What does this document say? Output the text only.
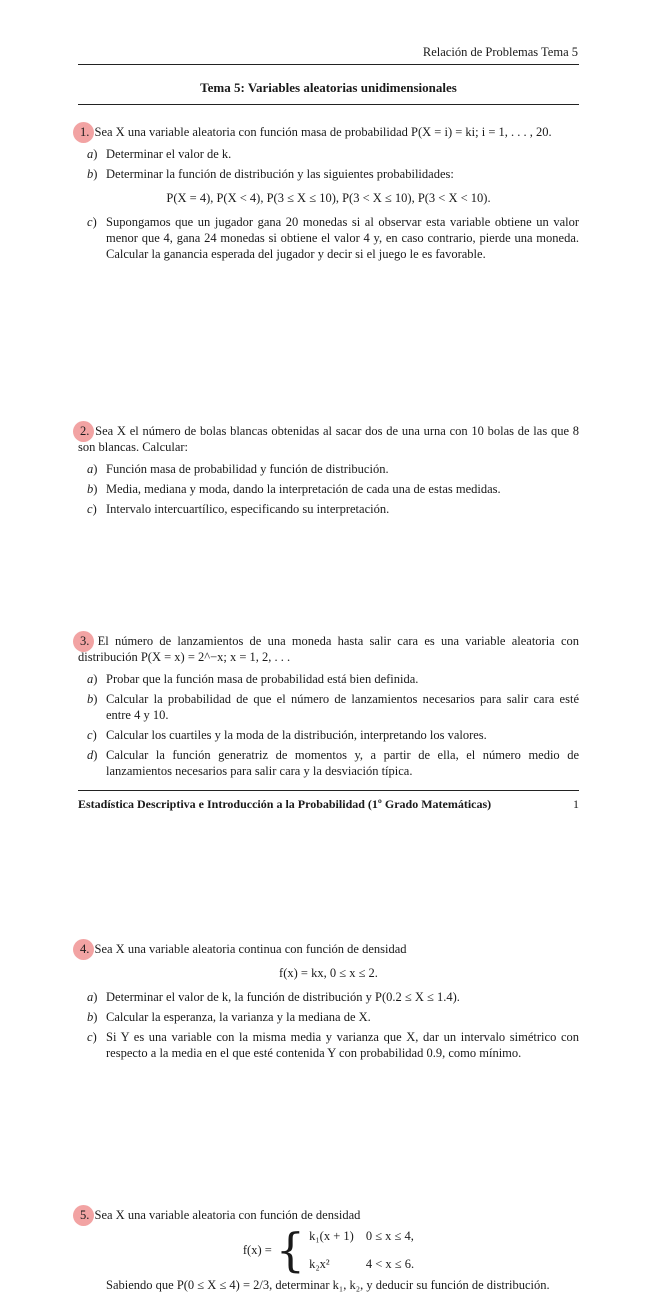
Relación de Problemas Tema 5
Tema 5: Variables aleatorias unidimensionales

1. Sea X una variable aleatoria con función masa de probabilidad P(X = i) = ki; i = 1, . . . , 20.

a) Determinar el valor de k.
b) Determinar la función de distribución y las siguientes probabilidades:
P(X = 4), P(X < 4), P(3 ≤ X ≤ 10), P(3 < X ≤ 10), P(3 < X < 10).
c) Supongamos que un jugador gana 20 monedas si al observar esta variable obtiene un valor menor que 4, gana 24 monedas si obtiene el valor 4 y, en caso contrario, pierde una moneda. Calcular la ganancia esperada del jugador y decir si el juego le es favorable.

2. Sea X el número de bolas blancas obtenidas al sacar dos de una urna con 10 bolas de las que 8 son blancas. Calcular:

a) Función masa de probabilidad y función de distribución.
b) Media, mediana y moda, dando la interpretación de cada una de estas medidas.
c) Intervalo intercuartílico, especificando su interpretación.

3. El número de lanzamientos de una moneda hasta salir cara es una variable aleatoria con distribución P(X = x) = 2^−x; x = 1, 2, . . .

a) Probar que la función masa de probabilidad está bien definida.
b) Calcular la probabilidad de que el número de lanzamientos necesarios para salir cara esté entre 4 y 10.
c) Calcular los cuartiles y la moda de la distribución, interpretando los valores.
d) Calcular la función generatriz de momentos y, a partir de ella, el número medio de lanzamientos necesarios para salir cara y la desviación típica.

4. Sea X una variable aleatoria continua con función de densidad

f(x) = kx, 0 ≤ x ≤ 2.
a) Determinar el valor de k, la función de distribución y P(0.2 ≤ X ≤ 1.4).
b) Calcular la esperanza, la varianza y la mediana de X.
c) Si Y es una variable con la misma media y varianza que X, dar un intervalo simétrico con respecto a la media en el que esté contenida Y con probabilidad 0.9, como mínimo.

5. Sea X una variable aleatoria con función de densidad

f(x) = { k₁(x + 1) 0 ≤ x ≤ 4,
k₂x²	4 < x ≤ 6.

Sabiendo que P(0 ≤ X ≤ 4) = 2/3, determinar k₁, k₂, y deducir su función de distribución.

Estadística Descriptiva e Introducción a la Probabilidad (1º Grado Matemáticas)	1
